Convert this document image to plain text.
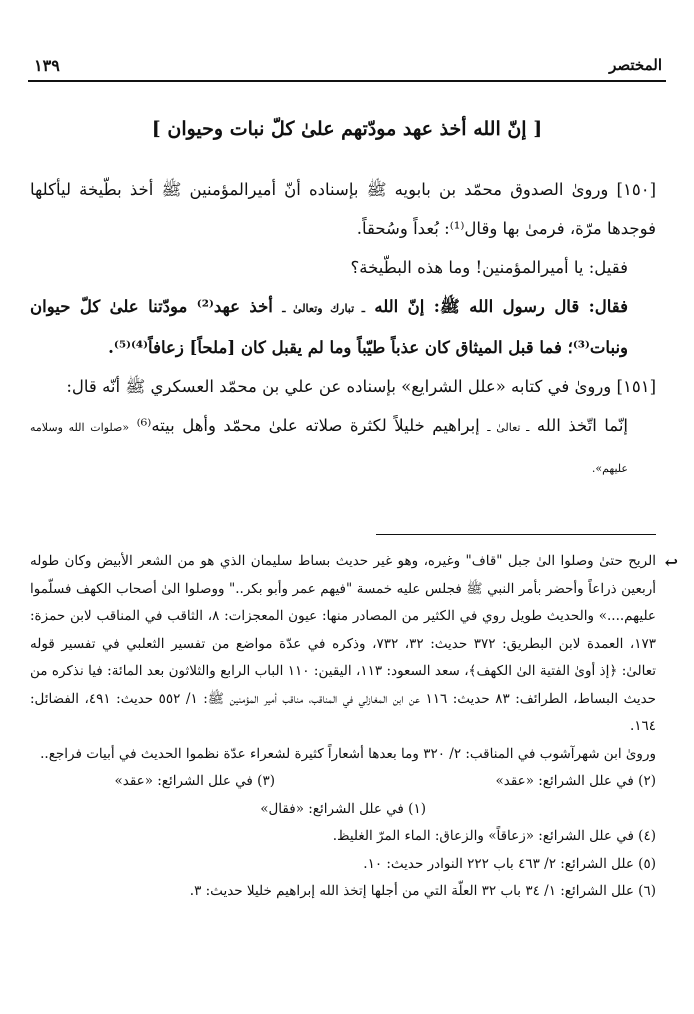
المختصر
١٣٩
[ إنّ الله أخذ عهد مودّتهم علىٰ كلّ نبات وحيوان ]

[١٥٠] وروىٰ الصدوق محمّد بن بابويه ﷺ بإسناده أنّ أميرالمؤمنين ﷺ أخذ بطّيخة ليأكلها فوجدها مرّة، فرمىٰ بها وقال⁽¹⁾: بُعداً وسُحقاً.

فقيل: يا أميرالمؤمنين! وما هذه البطّيخة؟

فقال: قال رسول الله ﷺ: إنّ الله ـ تبارك وتعالىٰ ـ أخذ عهد⁽²⁾ مودّتنا علىٰ كلّ حيوان ونبات⁽³⁾؛ فما قبل الميثاق كان عذباً طيّباً وما لم يقبل كان [ملحاً] زعافاً⁽⁴⁾⁽⁵⁾.

[١٥١] وروىٰ في كتابه «علل الشرايع» بإسناده عن علي بن محمّد العسكري ﷺ أنّه قال:

إنّما اتّخذ الله ـ تعالىٰ ـ إبراهيم خليلاً لكثرة صلاته علىٰ محمّد وأهل بيته⁽⁶⁾ «صلوات الله وسلامه عليهم».

↩
الريح حتىٰ وصلوا الىٰ جبل "قاف" وغيره، وهو غير حديث بساط سليمان الذي هو من الشعر الأبيض وكان طوله أربعين ذراعاً وأحضر بأمر النبي ﷺ فجلس عليه خمسة "فيهم عمر وأبو بكر.." ووصلوا الىٰ أصحاب الكهف فسلّموا عليهم....» والحديث طويل روي في الكثير من المصادر منها: عيون المعجزات: ٨، الثاقب في المناقب لابن حمزة: ١٧٣، العمدة لابن البطريق: ٣٧٢ حديث: ٣٢، ٧٣٢، وذكره في عدّة مواضع من تفسير الثعلبي في تفسير قوله تعالىٰ: ﴿إذ أوىٰ الفتية الىٰ الكهف﴾، سعد السعود: ١١٣، اليقين: ١١٠ الباب الرابع والثلاثون بعد المائة: فيا نذكره من حديث البساط، الطرائف: ٨٣ حديث: ١١٦ عن ابن المغازلي في المناقب، مناقب أمير المؤمنين ﷺ: ١/ ٥٥٢ حديث: ٤٩١، الفضائل: ١٦٤.

وروىٰ ابن شهرآشوب في المناقب: ٢/ ٣٢٠ وما بعدها أشعاراً كثيرة لشعراء عدّة نظموا الحديث في أبيات فراجع..

(٢) في علل الشرائع: «عقد»
(٣) في علل الشرائع: «عقد»

(١) في علل الشرائع: «فقال»

(٤) في علل الشرائع: «زعاقاً» والزعاق: الماء المرّ الغليظ.

(٥) علل الشرائع: ٢/ ٤٦٣ باب ٢٢٢ النوادر حديث: ١٠.

(٦) علل الشرائع: ١/ ٣٤ باب ٣٢ العلّة التي من أجلها إتخذ الله إبراهيم خليلا حديث: ٣.
